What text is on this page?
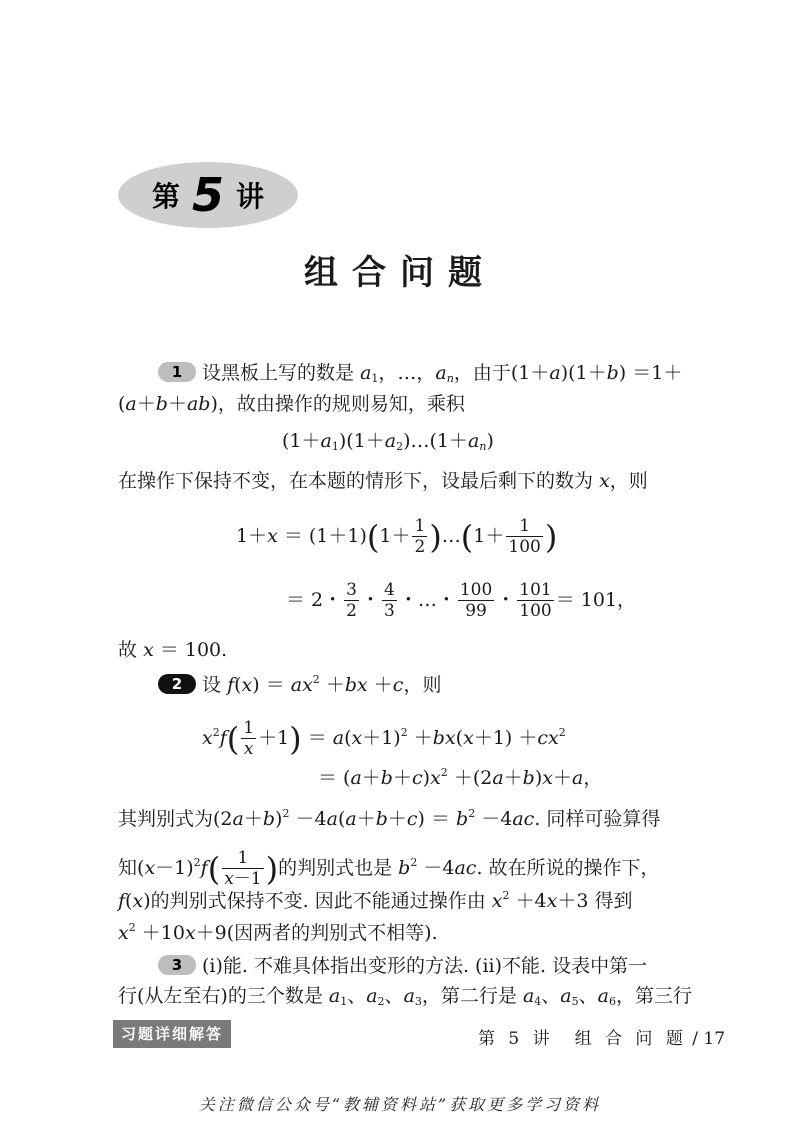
第 5 讲
组合问题
1 设黑板上写的数是 $a_1$，…，$a_n$，由于(1＋a)(1＋b) ＝1＋
(a＋b＋ab)，故由操作的规则易知，乘积
$(1+a_1)(1+a_2)\dots(1+a_n)$
在操作下保持不变，在本题的情形下，设最后剩下的数为 x，则
$1+x = (1+1)(1+ \frac{1}{2}$ )…(1＋ $\frac{1}{100}$ )
＝ 2・ $\frac{3}{2}$ ・ $\frac{4}{3}$ ・…・ $\frac{100}{99}$ ・ $\frac{101}{100} = 101$，
故 x ＝ 100.
2 设 $f(x) = ax^2 +bx +c$，则
$x^2f( \frac{1}{x} +1) = a(x+1)^2 +bx(x+1) +cx^2$
＝ $(a+b+c)x^2 +(2a+b)x+a$，
其判别式为$(2a+b)^2 -4a(a+b+c) = b^2 -4ac$. 同样可验算得
知$(x-1)^2f( \frac{1}{x-1}$ )的判别式也是 $b^2 -4ac$. 故在所说的操作下，
f(x)的判别式保持不变. 因此不能通过操作由 $x^2 +4x+3$ 得到
$x^2 +10x+9$(因两者的判别式不相等).
3 (i)能. 不难具体指出变形的方法. (ii)不能. 设表中第一
行(从左至右)的三个数是 $a_1$、$a_2$、$a_3$，第二行是 $a_4$、$a_5$、$a_6$，第三行
习题详细解答	第 5 讲　组 合 问 题 / 17
关注微信公众号“教辅资料站”获取更多学习资料
